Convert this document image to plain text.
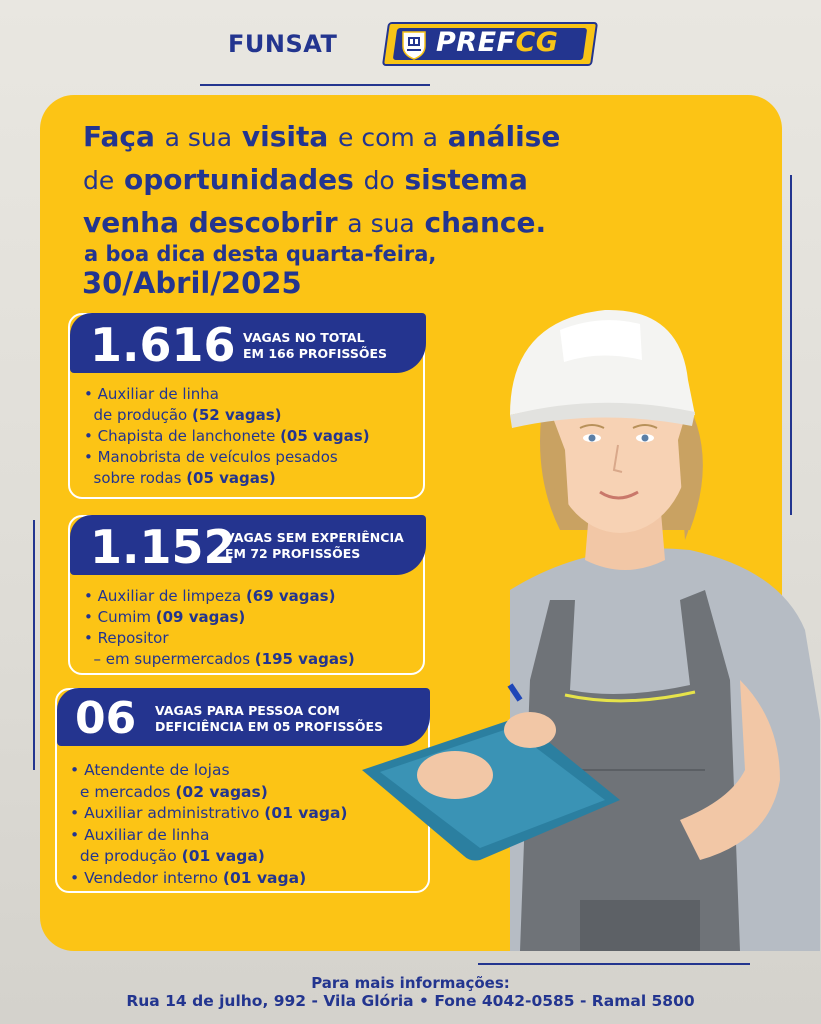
FUNSAT	PREFCG
Faça a sua visita e com a análise
de oportunidades do sistema
venha descobrir a sua chance.
a boa dica desta quarta-feira,
30/Abril/2025
1.616 VAGAS NO TOTAL
EM 166 PROFISSÕES
• Auxiliar de linha
de produção (52 vagas)
• Chapista de lanchonete (05 vagas)
• Manobrista de veículos pesados
sobre rodas (05 vagas)
1.152
VAGAS SEM EXPERIÊNCIA
EM 72 PROFISSÕES
• Auxiliar de limpeza (69 vagas)
• Cumim (09 vagas)
• Repositor
– em supermercados (195 vagas)
06 VAGAS PARA PESSOA COM
DEFICIÊNCIA EM 05 PROFISSÕES
• Atendente de lojas
e mercados (02 vagas)
• Auxiliar administrativo (01 vaga)
• Auxiliar de linha
de produção (01 vaga)
• Vendedor interno (01 vaga)
Para mais informações:
Rua 14 de julho, 992 - Vila Glória • Fone 4042-0585 - Ramal 5800
